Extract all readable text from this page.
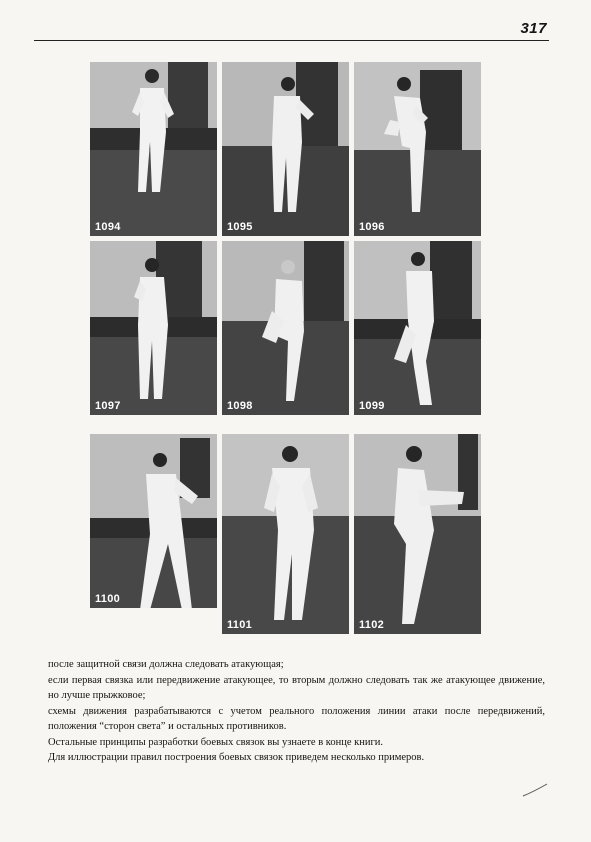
317
1094	1095	1096
1097	1098	1099
1100
1101	1102

после защитной связи должна следовать атакующая;

если первая связка или передвижение атакующее, то вторым должно следовать так же атакующее движение, но лучше прыжковое;

схемы движения разрабатываются с учетом реального положения линии атаки после передвижений, положения “сторон света” и остальных противников.

Остальные принципы разработки боевых связок вы узнаете в конце книги.

Для иллюстрации правил построения боевых связок приведем несколько примеров.
